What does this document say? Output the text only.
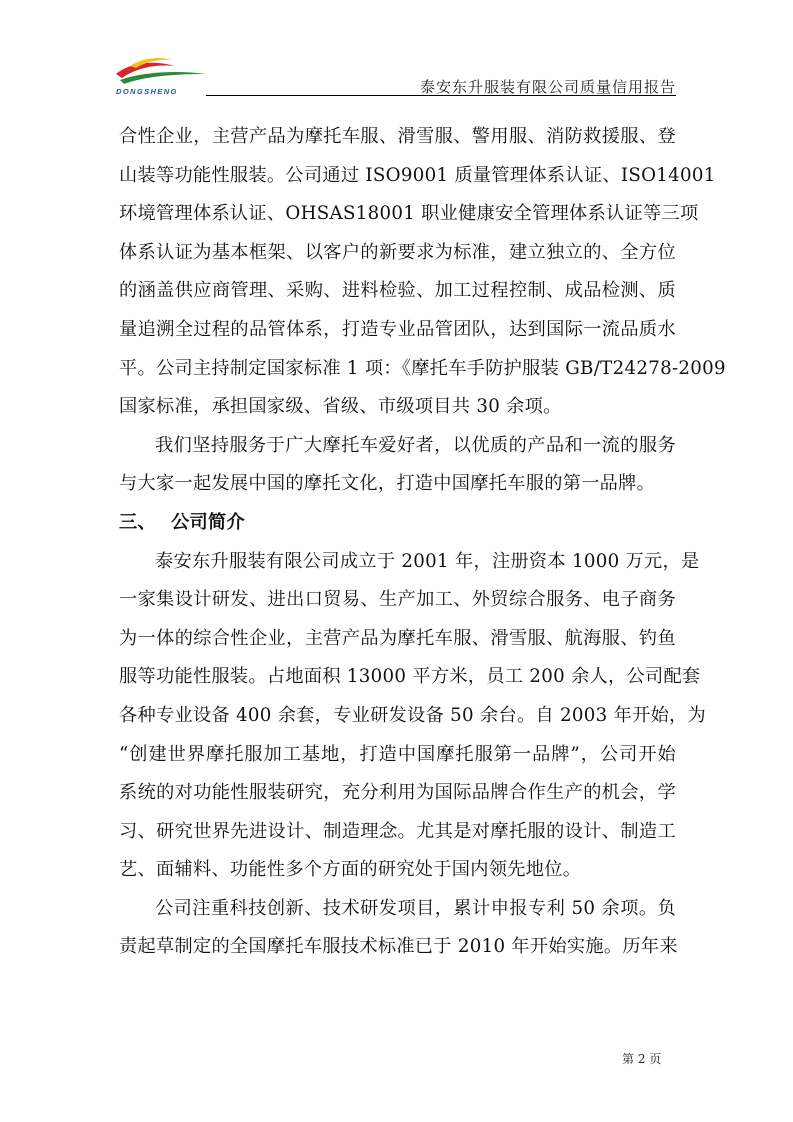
DONGSHENG	泰安东升服装有限公司质量信用报告
合性企业，主营产品为摩托车服、滑雪服、警用服、消防救援服、登
山装等功能性服装。公司通过 ISO9001 质量管理体系认证、ISO14001
环境管理体系认证、OHSAS18001 职业健康安全管理体系认证等三项
体系认证为基本框架、以客户的新要求为标准，建立独立的、全方位
的涵盖供应商管理、采购、进料检验、加工过程控制、成品检测、质
量追溯全过程的品管体系，打造专业品管团队，达到国际一流品质水
平。公司主持制定国家标准 1 项：《摩托车手防护服装 GB/T24278-2009
国家标准，承担国家级、省级、市级项目共 30 余项。
我们坚持服务于广大摩托车爱好者，以优质的产品和一流的服务
与大家一起发展中国的摩托文化，打造中国摩托车服的第一品牌。
三、 公司简介
泰安东升服装有限公司成立于 2001 年，注册资本 1000 万元，是
一家集设计研发、进出口贸易、生产加工、外贸综合服务、电子商务
为一体的综合性企业，主营产品为摩托车服、滑雪服、航海服、钓鱼
服等功能性服装。占地面积 13000 平方米，员工 200 余人，公司配套
各种专业设备 400 余套，专业研发设备 50 余台。自 2003 年开始，为
“创建世界摩托服加工基地，打造中国摩托服第一品牌”，公司开始
系统的对功能性服装研究，充分利用为国际品牌合作生产的机会，学
习、研究世界先进设计、制造理念。尤其是对摩托服的设计、制造工
艺、面辅料、功能性多个方面的研究处于国内领先地位。
公司注重科技创新、技术研发项目，累计申报专利 50 余项。负
责起草制定的全国摩托车服技术标准已于 2010 年开始实施。历年来
第 2 页
